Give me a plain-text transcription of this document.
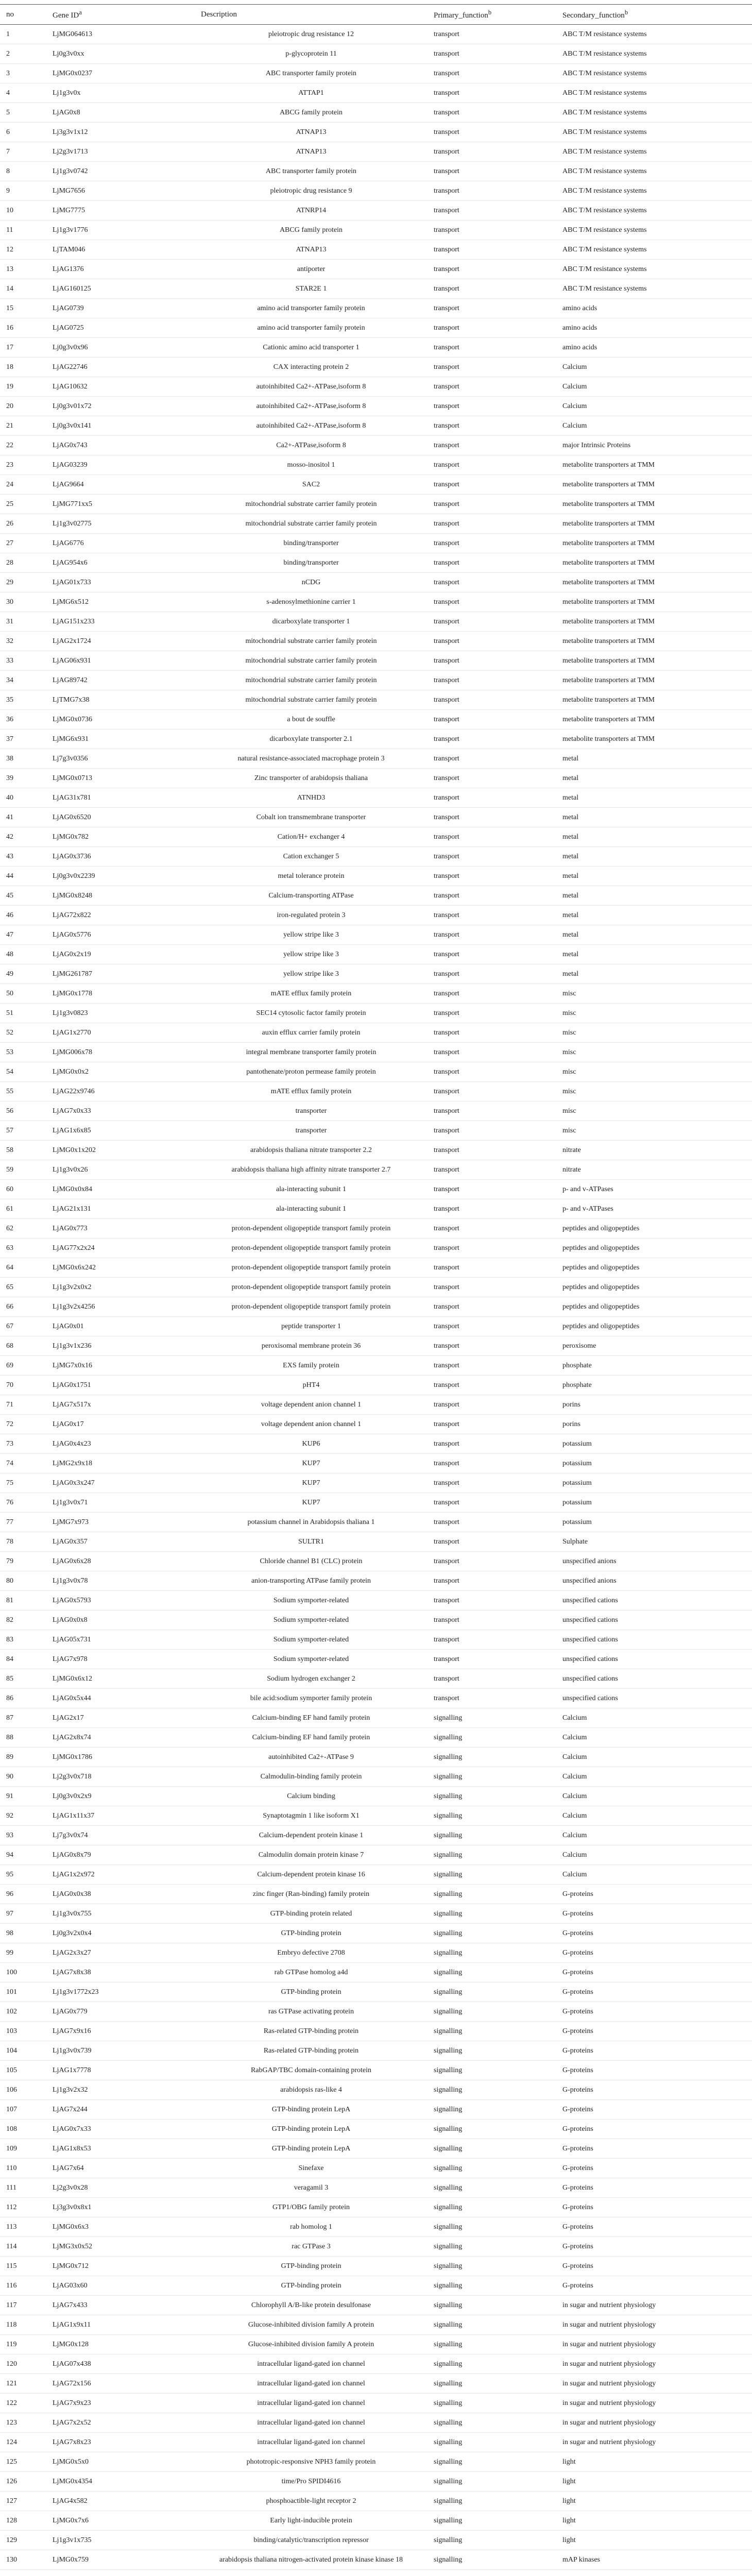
no	Gene $ID^a$	Description	Primary_function$^b$	Secondary_function$^b$
1	LjMG064613	pleiotropic drug resistance 12	transport	ABC T/M resistance systems
2	Lj0g3v0xx	p-glycoprotein 11	transport	ABC T/M resistance systems
3	LjMG0x0237	ABC transporter family protein	transport	ABC T/M resistance systems
4	Lj1g3v0x	ATTAP1	transport	ABC T/M resistance systems
5	LjAG0x8	ABCG family protein	transport	ABC T/M resistance systems
6	Lj3g3v1x12	ATNAP13	transport	ABC T/M resistance systems
7	Lj2g3v1713	ATNAP13	transport	ABC T/M resistance systems
8	Lj1g3v0742	ABC transporter family protein	transport	ABC T/M resistance systems
9	LjMG7656	pleiotropic drug resistance 9	transport	ABC T/M resistance systems
10	LjMG7775	ATNRP14	transport	ABC T/M resistance systems
11	Lj1g3v1776	ABCG family protein	transport	ABC T/M resistance systems
12	LjTAM046	ATNAP13	transport	ABC T/M resistance systems
13	LjAG1376	antiporter	transport	ABC T/M resistance systems
14	LjAG160125	STAR2E 1	transport	ABC T/M resistance systems
15	LjAG0739	amino acid transporter family protein	transport	amino acids
16	LjAG0725	amino acid transporter family protein	transport	amino acids
17	Lj0g3v0x96	Cationic amino acid transporter 1	transport	amino acids
18	LjAG22746	CAX interacting protein 2	transport	Calcium
19	LjAG10632	autoinhibited Ca2+-ATPase,isoform 8	transport	Calcium
20	Lj0g3v01x72	autoinhibited Ca2+-ATPase,isoform 8	transport	Calcium
21	Lj0g3v0x141	autoinhibited Ca2+-ATPase,isoform 8	transport	Calcium
22	LjAG0x743	Ca2+-ATPase,isoform 8	transport	major Intrinsic Proteins
23	LjAG03239	mosso-inositol 1	transport	metabolite transporters at TMM
24	LjAG9664	SAC2	transport	metabolite transporters at TMM
25	LjMG771xx5	mitochondrial substrate carrier family protein	transport	metabolite transporters at TMM
26	Lj1g3v02775	mitochondrial substrate carrier family protein	transport	metabolite transporters at TMM
27	LjAG6776	binding/transporter	transport	metabolite transporters at TMM
28	LjAG954x6	binding/transporter	transport	metabolite transporters at TMM
29	LjAG01x733	nCDG	transport	metabolite transporters at TMM
30	LjMG6x512	s-adenosylmethionine carrier 1	transport	metabolite transporters at TMM
31	LjAG151x233	dicarboxylate transporter 1	transport	metabolite transporters at TMM
32	LjAG2x1724	mitochondrial substrate carrier family protein	transport	metabolite transporters at TMM
33	LjAG06x931	mitochondrial substrate carrier family protein	transport	metabolite transporters at TMM
34	LjAG89742	mitochondrial substrate carrier family protein	transport	metabolite transporters at TMM
35	LjTMG7x38	mitochondrial substrate carrier family protein	transport	metabolite transporters at TMM
36	LjMG0x0736	a bout de souffle	transport	metabolite transporters at TMM
37	LjMG6x931	dicarboxylate transporter 2.1	transport	metabolite transporters at TMM
38	Lj7g3v0356	natural resistance-associated macrophage protein 3	transport	metal
39	LjMG0x0713	Zinc transporter of arabidopsis thaliana	transport	metal
40	LjAG31x781	ATNHD3	transport	metal
41	LjAG0x6520	Cobalt ion transmembrane transporter	transport	metal
42	LjMG0x782	Cation/H+ exchanger 4	transport	metal
43	LjAG0x3736	Cation exchanger 5	transport	metal
44	Lj0g3v0x2239	metal tolerance protein	transport	metal
45	LjMG0x8248	Calcium-transporting ATPase	transport	metal
46	LjAG72x822	iron-regulated protein 3	transport	metal
47	LjAG0x5776	yellow stripe like 3	transport	metal
48	LjAG0x2x19	yellow stripe like 3	transport	metal
49	LjMG261787	yellow stripe like 3	transport	metal
50	LjMG0x1778	mATE efflux family protein	transport	misc
51	Lj1g3v0823	SEC14 cytosolic factor family protein	transport	misc
52	LjAG1x2770	auxin efflux carrier family protein	transport	misc
53	LjMG006x78	integral membrane transporter family protein	transport	misc
54	LjMG0x0x2	pantothenate/proton permease family protein	transport	misc
55	LjAG22x9746	mATE efflux family protein	transport	misc
56	LjAG7x0x33	transporter	transport	misc
57	LjAG1x6x85	transporter	transport	misc
58	LjMG0x1x202	arabidopsis thaliana nitrate transporter 2.2	transport	nitrate
59	Lj1g3v0x26	arabidopsis thaliana high affinity nitrate transporter 2.7	transport	nitrate
60	LjMG0x0x84	ala-interacting subunit 1	transport	p- and v-ATPases
61	LjAG21x131	ala-interacting subunit 1	transport	p- and v-ATPases
62	LjAG0x773	proton-dependent oligopeptide transport family protein	transport	peptides and oligopeptides
63	LjAG77x2x24	proton-dependent oligopeptide transport family protein	transport	peptides and oligopeptides
64	LjMG0x6x242	proton-dependent oligopeptide transport family protein	transport	peptides and oligopeptides
65	Lj1g3v2x0x2	proton-dependent oligopeptide transport family protein	transport	peptides and oligopeptides
66	Lj1g3v2x4256	proton-dependent oligopeptide transport family protein	transport	peptides and oligopeptides
67	LjAG0x01	peptide transporter 1	transport	peptides and oligopeptides
68	Lj1g3v1x236	peroxisomal membrane protein 36	transport	peroxisome
69	LjMG7x0x16	EXS family protein	transport	phosphate
70	LjAG0x1751	pHT4	transport	phosphate
71	LjAG7x517x	voltage dependent anion channel 1	transport	porins
72	LjAG0x17	voltage dependent anion channel 1	transport	porins
73	LjAG0x4x23	KUP6	transport	potassium
74	LjMG2x9x18	KUP7	transport	potassium
75	LjAG0x3x247	KUP7	transport	potassium
76	Lj1g3v0x71	KUP7	transport	potassium
77	LjMG7x973	potassium channel in Arabidopsis thaliana 1	transport	potassium
78	LjAG0x357	SULTR1	transport	Sulphate
79	LjAG0x6x28	Chloride channel B1 (CLC) protein	transport	unspecified anions
80	Lj1g3v0x78	anion-transporting ATPase family protein	transport	unspecified anions
81	LjAG0x5793	Sodium symporter-related	transport	unspecified cations
82	LjAG0x0x8	Sodium symporter-related	transport	unspecified cations
83	LjAG05x731	Sodium symporter-related	transport	unspecified cations
84	LjAG7x978	Sodium symporter-related	transport	unspecified cations
85	LjMG0x6x12	Sodium hydrogen exchanger 2	transport	unspecified cations
86	LjAG0x5x44	bile acid:sodium symporter family protein	transport	unspecified cations
87	LjAG2x17	Calcium-binding EF hand family protein	signalling	Calcium
88	LjAG2x8x74	Calcium-binding EF hand family protein	signalling	Calcium
89	LjMG0x1786	autoinhibited Ca2+-ATPase 9	signalling	Calcium
90	Lj2g3v0x718	Calmodulin-binding family protein	signalling	Calcium
91	Lj0g3v0x2x9	Calcium binding	signalling	Calcium
92	LjAG1x11x37	Synaptotagmin 1 like isoform X1	signalling	Calcium
93	Lj7g3v0x74	Calcium-dependent protein kinase 1	signalling	Calcium
94	LjAG0x8x79	Calmodulin domain protein kinase 7	signalling	Calcium
95	LjAG1x2x972	Calcium-dependent protein kinase 16	signalling	Calcium
96	LjAG0x0x38	zinc finger (Ran-binding) family protein	signalling	G-proteins
97	Lj1g3v0x755	GTP-binding protein related	signalling	G-proteins
98	Lj0g3v2x0x4	GTP-binding protein	signalling	G-proteins
99	LjAG2x3x27	Embryo defective 2708	signalling	G-proteins
100	LjAG7x8x38	rab GTPase homolog a4d	signalling	G-proteins
101	Lj1g3v1772x23	GTP-binding protein	signalling	G-proteins
102	LjAG0x779	ras GTPase activating protein	signalling	G-proteins
103	LjAG7x9x16	Ras-related GTP-binding protein	signalling	G-proteins
104	Lj1g3v0x739	Ras-related GTP-binding protein	signalling	G-proteins
105	LjAG1x7778	RabGAP/TBC domain-containing protein	signalling	G-proteins
106	Lj1g3v2x32	arabidopsis ras-like 4	signalling	G-proteins
107	LjAG7x244	GTP-binding protein LepA	signalling	G-proteins
108	LjAG0x7x33	GTP-binding protein LepA	signalling	G-proteins
109	LjAG1x8x53	GTP-binding protein LepA	signalling	G-proteins
110	LjAG7x64	Sinefaxe	signalling	G-proteins
111	Lj2g3v0x28	veragamil 3	signalling	G-proteins
112	Lj3g3v0x8x1	GTP1/OBG family protein	signalling	G-proteins
113	LjMG0x6x3	rab homolog 1	signalling	G-proteins
114	LjMG3x0x52	rac GTPase 3	signalling	G-proteins
115	LjMG0x712	GTP-binding protein	signalling	G-proteins
116	LjAG03x60	GTP-binding protein	signalling	G-proteins
117	LjAG7x433	Chlorophyll A/B-like protein desulfonase	signalling	in sugar and nutrient physiology
118	LjAG1x9x11	Glucose-inhibited division family A protein	signalling	in sugar and nutrient physiology
119	LjMG0x128	Glucose-inhibited division family A protein	signalling	in sugar and nutrient physiology
120	LjAG07x438	intracellular ligand-gated ion channel	signalling	in sugar and nutrient physiology
121	LjAG72x156	intracellular ligand-gated ion channel	signalling	in sugar and nutrient physiology
122	LjAG7x9x23	intracellular ligand-gated ion channel	signalling	in sugar and nutrient physiology
123	LjAG7x2x52	intracellular ligand-gated ion channel	signalling	in sugar and nutrient physiology
124	LjAG7x8x23	intracellular ligand-gated ion channel	signalling	in sugar and nutrient physiology
125	LjMG0x5x0	phototropic-responsive NPH3 family protein	signalling	light
126	LjMG0x4354	time/Pro SPIDI4616	signalling	light
127	LjAG4x582	phosphoactible-light receptor 2	signalling	light
128	LjMG0x7x6	Early light-inducible protein	signalling	light
129	Lj1g3v1x735	binding/catalytic/transcription repressor	signalling	light
130	LjMG0x759	arabidopsis thaliana nitrogen-activated protein kinase kinase 18	signalling	mAP kinases
